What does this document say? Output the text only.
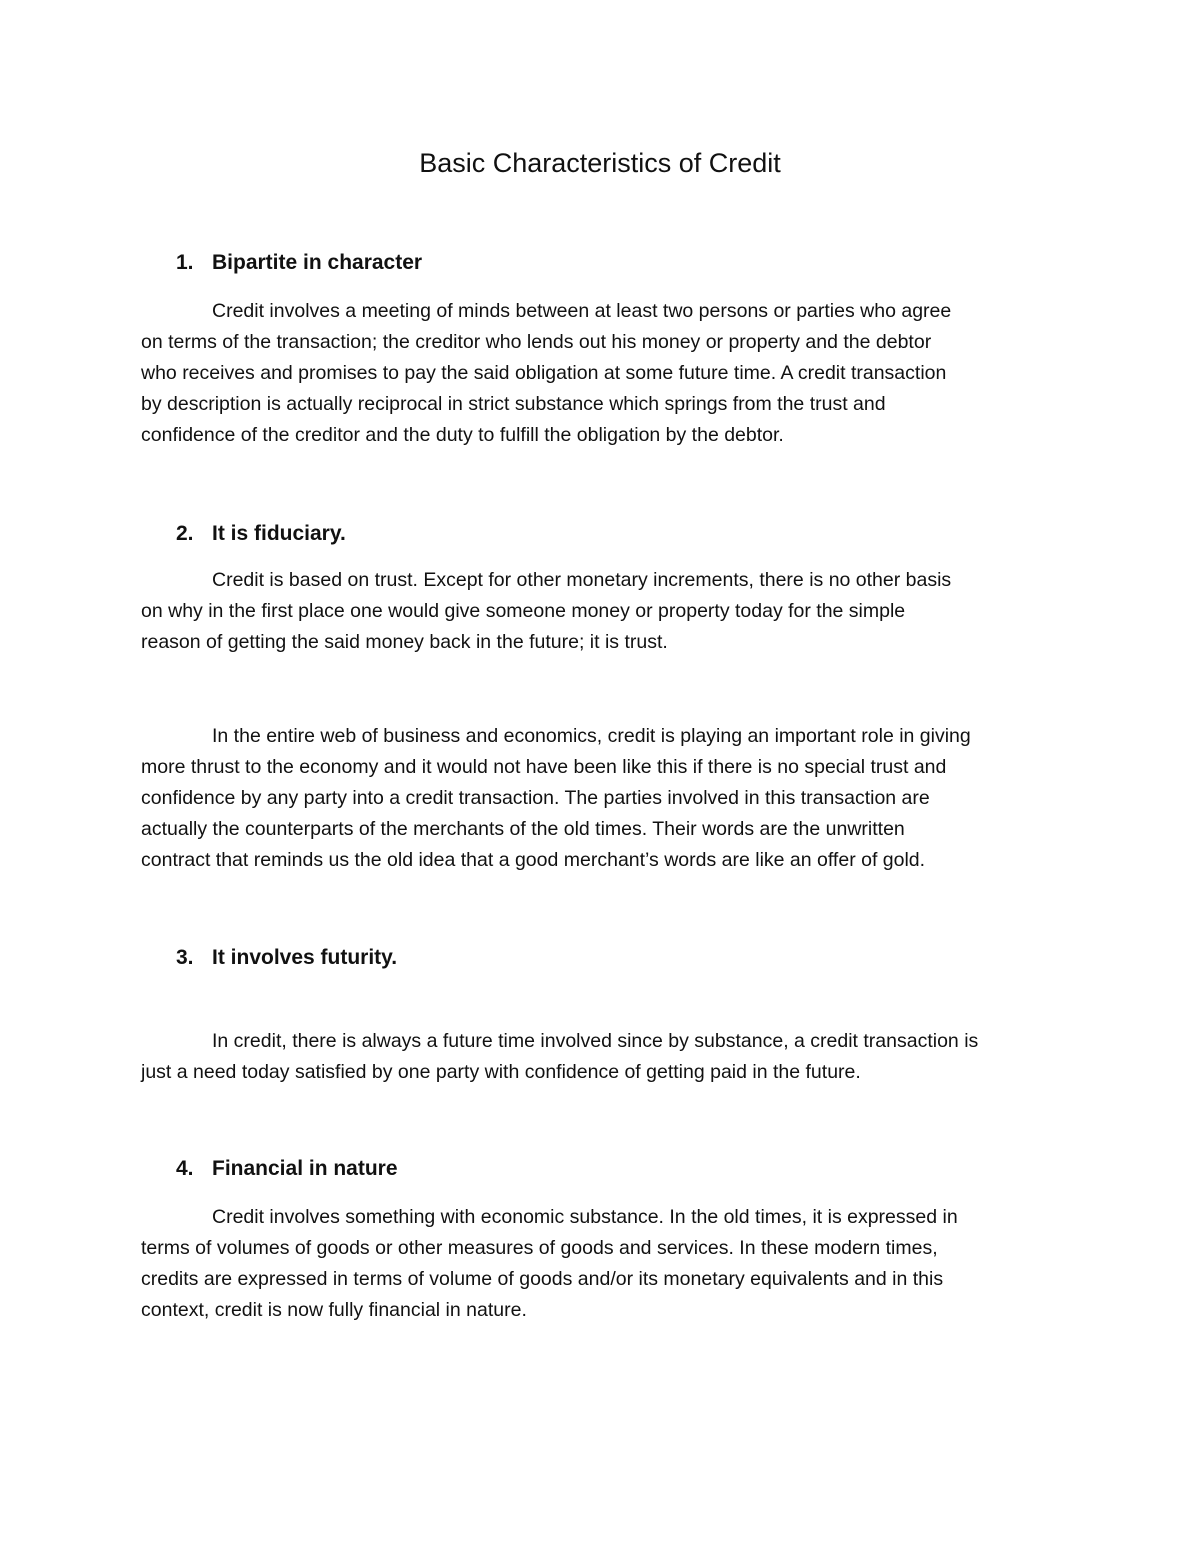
Basic Characteristics of Credit
1. Bipartite in character

Credit involves a meeting of minds between at least two persons or parties who agree
on terms of the transaction; the creditor who lends out his money or property and the debtor
who receives and promises to pay the said obligation at some future time. A credit transaction
by description is actually reciprocal in strict substance which springs from the trust and
confidence of the creditor and the duty to fulfill the obligation by the debtor.

2. It is fiduciary.

Credit is based on trust. Except for other monetary increments, there is no other basis
on why in the first place one would give someone money or property today for the simple
reason of getting the said money back in the future; it is trust.

In the entire web of business and economics, credit is playing an important role in giving
more thrust to the economy and it would not have been like this if there is no special trust and
confidence by any party into a credit transaction. The parties involved in this transaction are
actually the counterparts of the merchants of the old times. Their words are the unwritten
contract that reminds us the old idea that a good merchant’s words are like an offer of gold.

3. It involves futurity.

In credit, there is always a future time involved since by substance, a credit transaction is
just a need today satisfied by one party with confidence of getting paid in the future.

4. Financial in nature

Credit involves something with economic substance. In the old times, it is expressed in
terms of volumes of goods or other measures of goods and services. In these modern times,
credits are expressed in terms of volume of goods and/or its monetary equivalents and in this
context, credit is now fully financial in nature.
